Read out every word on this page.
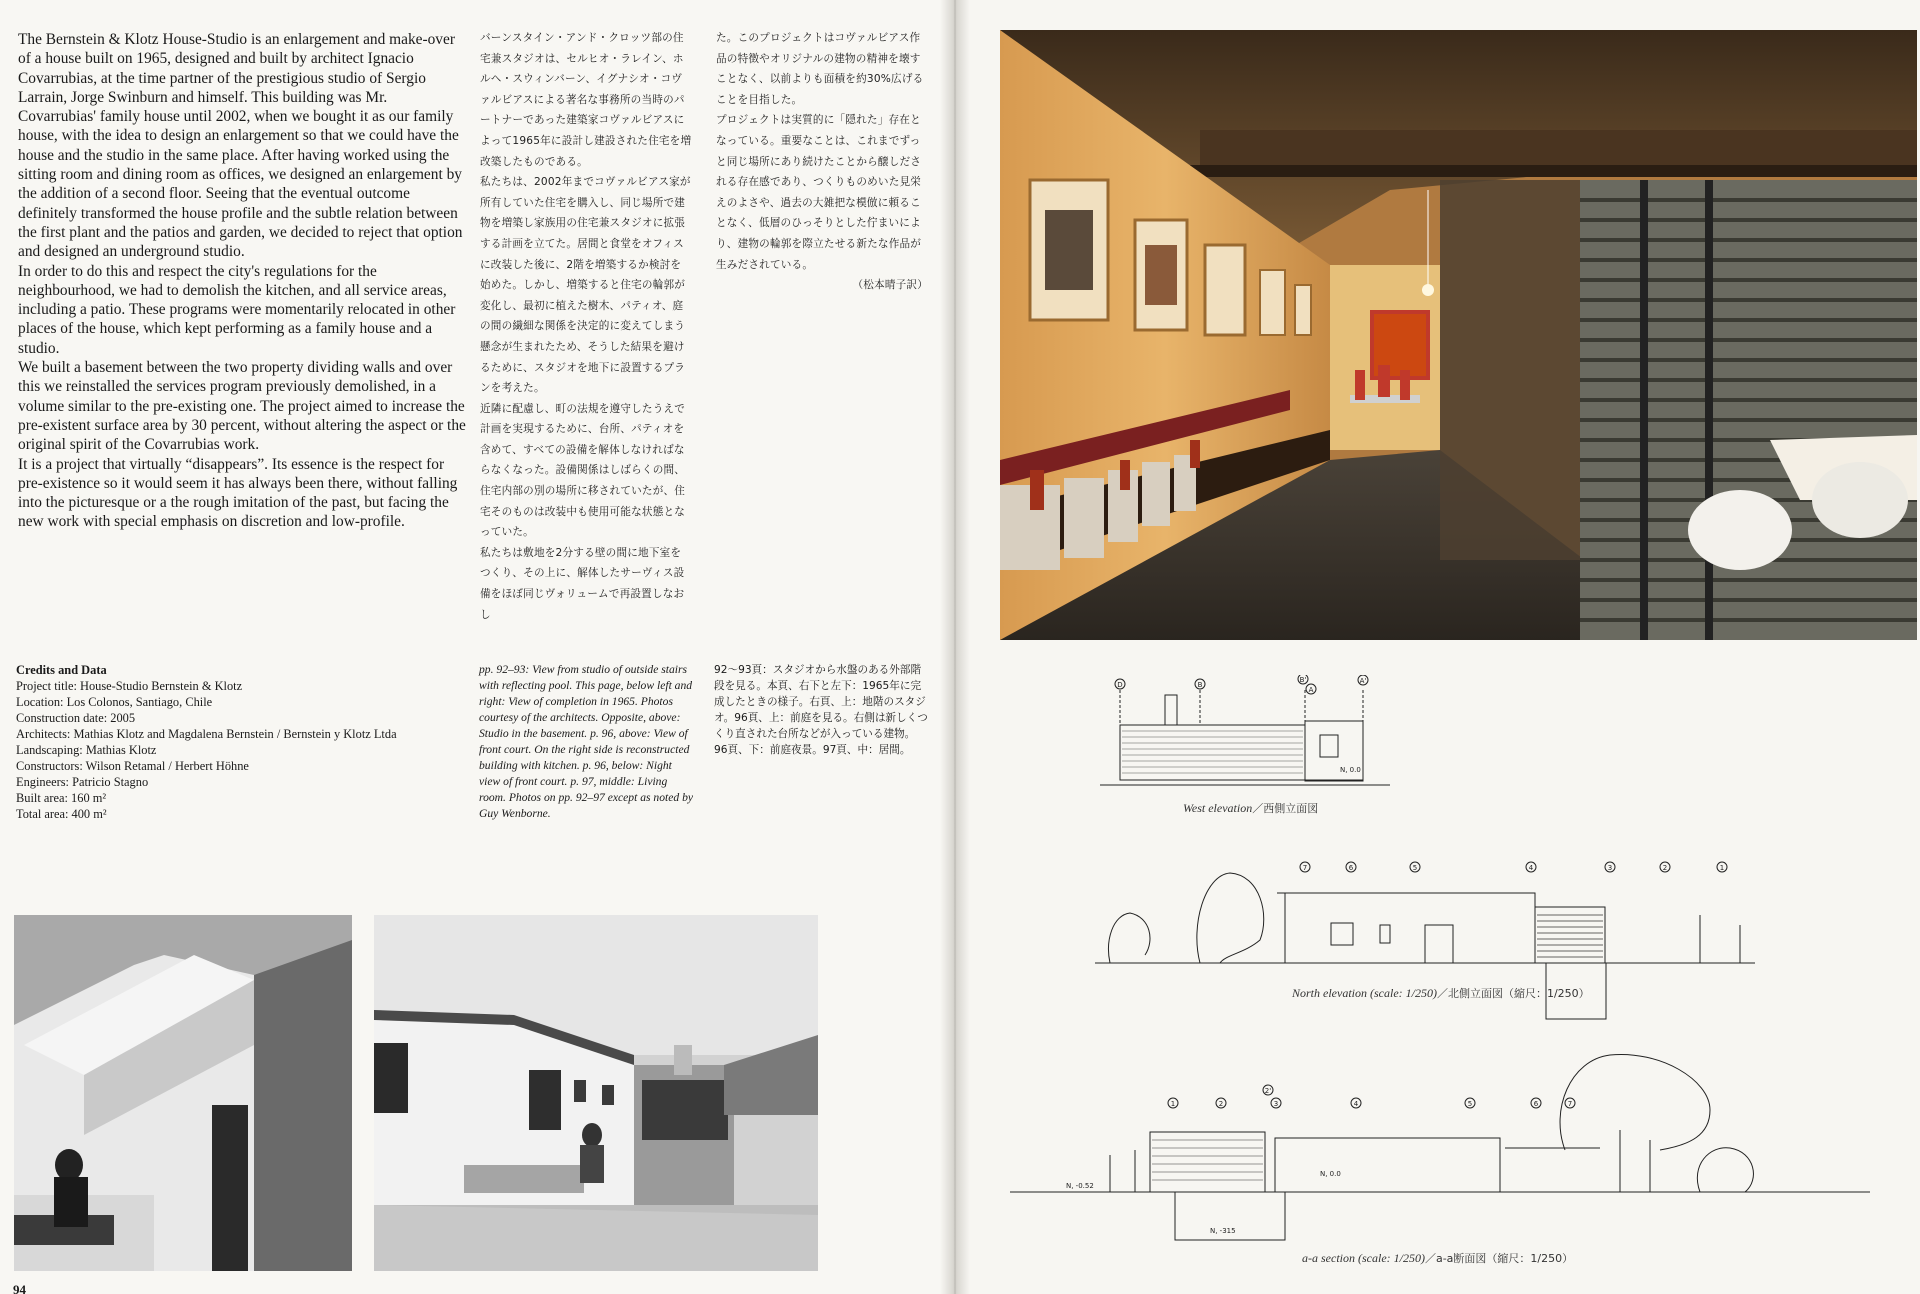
The Bernstein & Klotz House-Studio is an enlargement and make-over of a house built on 1965, designed and built by architect Ignacio Covarrubias, at the time partner of the prestigious studio of Sergio Larrain, Jorge Swinburn and himself. This building was Mr. Covarrubias' family house until 2002, when we bought it as our family house, with the idea to design an enlargement so that we could have the house and the studio in the same place. After having worked using the sitting room and dining room as offices, we designed an enlargement by the addition of a second floor. Seeing that the eventual outcome definitely transformed the house profile and the subtle relation between the first plant and the patios and garden, we decided to reject that option and designed an underground studio.

In order to do this and respect the city's regulations for the neighbourhood, we had to demolish the kitchen, and all service areas, including a patio. These programs were momentarily relocated in other places of the house, which kept performing as a family house and a studio.

We built a basement between the two property dividing walls and over this we reinstalled the services program previously demolished, in a volume similar to the pre-existing one. The project aimed to increase the pre-existent surface area by 30 percent, without altering the aspect or the original spirit of the Covarrubias work.

It is a project that virtually “disappears”. Its essence is the respect for pre-existence so it would seem it has always been there, without falling into the picturesque or a the rough imitation of the past, but facing the new work with special emphasis on discretion and low-profile.

バーンスタイン・アンド・クロッツ部の住宅兼スタジオは、セルヒオ・ラレイン、ホルヘ・スウィンバーン、イグナシオ・コヴァルビアスによる著名な事務所の当時のパートナーであった建築家コヴァルビアスによって1965年に設計し建設された住宅を増改築したものである。

私たちは、2002年までコヴァルビアス家が所有していた住宅を購入し、同じ場所で建物を増築し家族用の住宅兼スタジオに拡張する計画を立てた。居間と食堂をオフィスに改装した後に、2階を増築するか検討を始めた。しかし、増築すると住宅の輪郭が変化し、最初に植えた樹木、パティオ、庭の間の繊細な関係を決定的に変えてしまう懸念が生まれたため、そうした結果を避けるために、スタジオを地下に設置するプランを考えた。

近隣に配慮し、町の法規を遵守したうえで計画を実現するために、台所、パティオを含めて、すべての設備を解体しなければならなくなった。設備関係はしばらくの間、住宅内部の別の場所に移されていたが、住宅そのものは改装中も使用可能な状態となっていた。

私たちは敷地を2分する壁の間に地下室をつくり、その上に、解体したサーヴィス設備をほぼ同じヴォリュームで再設置しなおし

た。このプロジェクトはコヴァルビアス作品の特徴やオリジナルの建物の精神を壊すことなく、以前よりも面積を約30%広げることを目指した。

プロジェクトは実質的に「隠れた」存在となっている。重要なことは、これまでずっと同じ場所にあり続けたことから醸しだされる存在感であり、つくりものめいた見栄えのよさや、過去の大雑把な模倣に頼ることなく、低層のひっそりとした佇まいにより、建物の輪郭を際立たせる新たな作品が生みだされている。

（松本晴子訳）

Credits and Data
Project title: House-Studio Bernstein & Klotz
Location: Los Colonos, Santiago, Chile
Construction date: 2005
Architects: Mathias Klotz and Magdalena Bernstein / Bernstein y Klotz Ltda
Landscaping: Mathias Klotz
Constructors: Wilson Retamal / Herbert Höhne
Engineers: Patricio Stagno
Built area: 160 m²
Total area: 400 m²
pp. 92–93: View from studio of outside stairs with reflecting pool. This page, below left and right: View of completion in 1965. Photos courtesy of the architects. Opposite, above: Studio in the basement. p. 96, above: View of front court. On the right side is reconstructed building with kitchen. p. 96, below: Night view of front court. p. 97, middle: Living room. Photos on pp. 92–97 except as noted by Guy Wenborne.
92～93頁：スタジオから水盤のある外部階段を見る。本頁、右下と左下：1965年に完成したときの様子。右頁、上：地階のスタジオ。96頁、上：前庭を見る。右側は新しくつくり直された台所などが入っている建物。96頁、下：前庭夜景。97頁、中：居間。
94
D	B
B'
A
A'
N, 0.0
West elevation／西側立面図
7	6	5	4	3	2	1
North elevation (scale: 1/250)／北側立面図（縮尺：1/250）
1	2
2'
3	4	5	6	7
N, -0.52
N, 0.0
N, -315
a-a section (scale: 1/250)／a-a断面図（縮尺：1/250）
